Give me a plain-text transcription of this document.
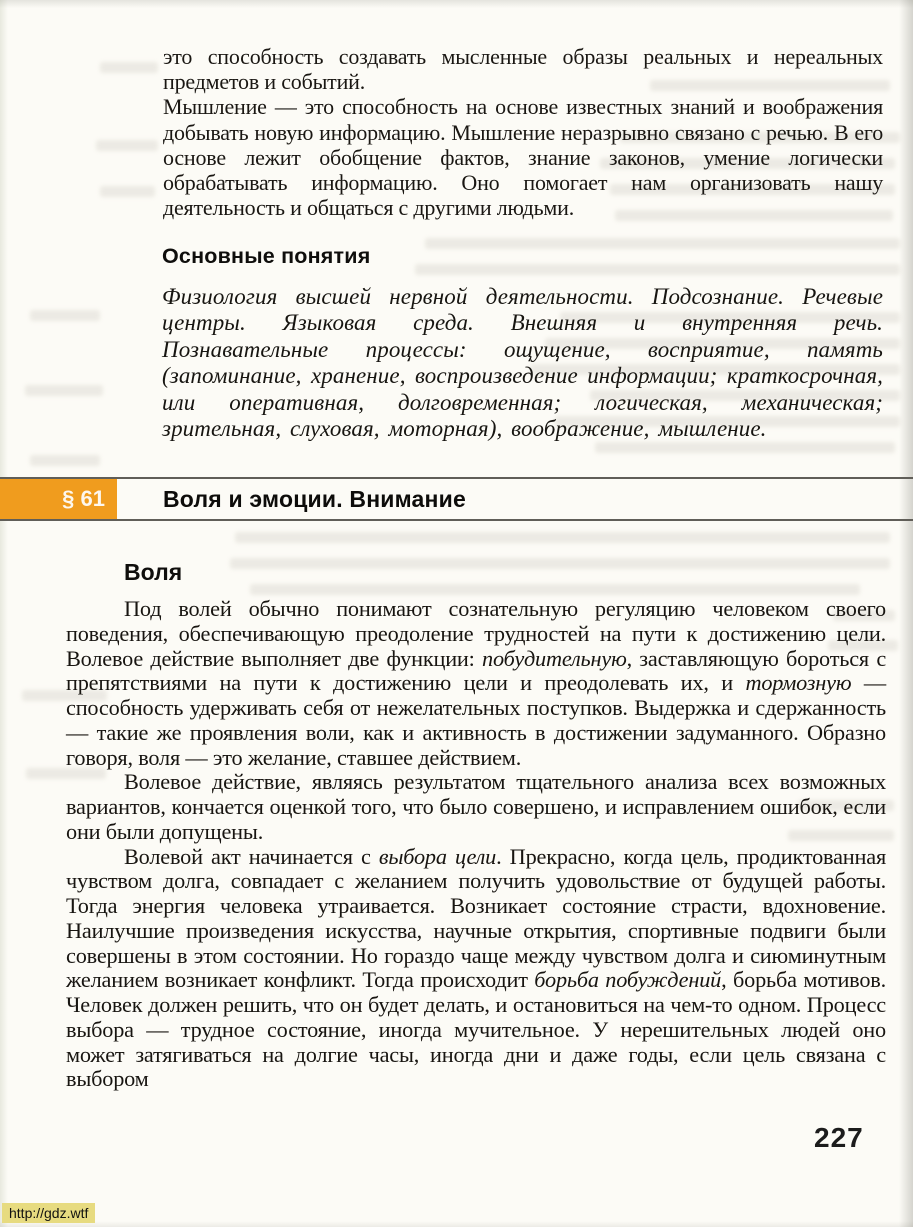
это способность создавать мысленные образы реальных и нереальных предметов и событий.

Мышление — это способность на основе известных знаний и воображения добывать новую информацию. Мышление неразрывно связано с речью. В его основе лежит обобщение фактов, знание законов, умение логически обрабатывать информацию. Оно помогает нам организовать нашу деятельность и общаться с другими людьми.

Основные понятия
Физиология высшей нервной деятельности. Подсознание. Речевые центры. Языковая среда. Внешняя и внутренняя речь. Познавательные процессы: ощущение, восприятие, память (запоминание, хранение, воспроизведение информации; краткосрочная, или оперативная, долговременная; логическая, механическая; зрительная, слуховая, моторная), воображение, мышление.
§ 61	Воля и эмоции. Внимание
Воля

Под волей обычно понимают сознательную регуляцию человеком своего поведения, обеспечивающую преодоление трудностей на пути к достижению цели. Волевое действие выполняет две функции: побудительную, заставляющую бороться с препятствиями на пути к достижению цели и преодолевать их, и тормозную — способность удерживать себя от нежелательных поступков. Выдержка и сдержанность — такие же проявления воли, как и активность в достижении задуманного. Образно говоря, воля — это желание, ставшее действием.

Волевое действие, являясь результатом тщательного анализа всех возможных вариантов, кончается оценкой того, что было совершено, и исправлением ошибок, если они были допущены.

Волевой акт начинается с выбора цели. Прекрасно, когда цель, продиктованная чувством долга, совпадает с желанием получить удовольствие от будущей работы. Тогда энергия человека утраивается. Возникает состояние страсти, вдохновение. Наилучшие произведения искусства, научные открытия, спортивные подвиги были совершены в этом состоянии. Но гораздо чаще между чувством долга и сиюминутным желанием возникает конфликт. Тогда происходит борьба побуждений, борьба мотивов. Человек должен решить, что он будет делать, и остановиться на чем-то одном. Процесс выбора — трудное состояние, иногда мучительное. У нерешительных людей оно может затягиваться на долгие часы, иногда дни и даже годы, если цель связана с выбором

227
http://gdz.wtf
